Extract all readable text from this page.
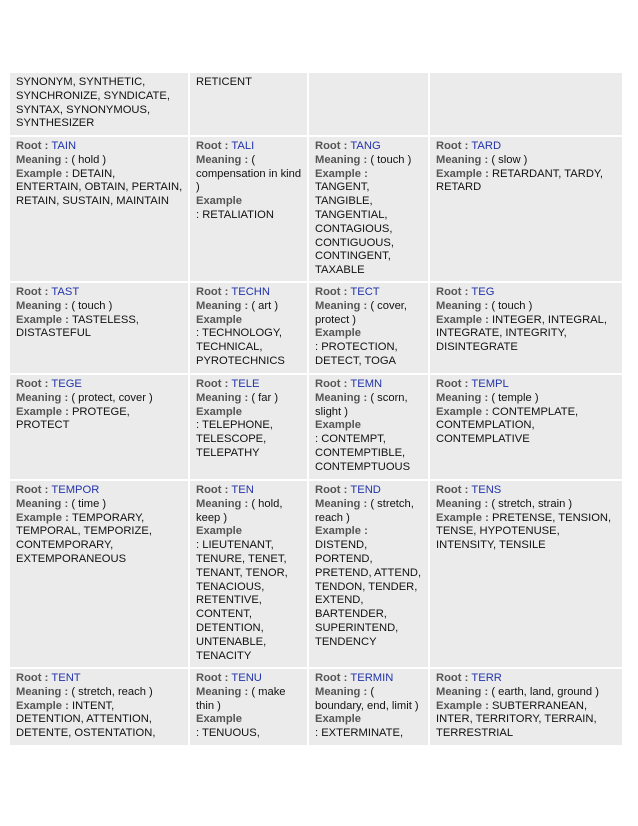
SYNONYM, SYNTHETIC, SYNCHRONIZE, SYNDICATE, SYNTAX, SYNONYMOUS, SYNTHESIZER	RETICENT		

Root : TAIN
Meaning : ( hold )
Example : DETAIN, ENTERTAIN, OBTAIN, PERTAIN, RETAIN, SUSTAIN, MAINTAIN	Root : TALI
Meaning : ( compensation in kind )
Example
: RETALIATION	Root : TANG
Meaning : ( touch )
Example : TANGENT, TANGIBLE, TANGENTIAL, CONTAGIOUS, CONTIGUOUS, CONTINGENT, TAXABLE	Root : TARD
Meaning : ( slow )
Example : RETARDANT, TARDY, RETARD

Root : TAST
Meaning : ( touch )
Example : TASTELESS, DISTASTEFUL	Root : TECHN
Meaning : ( art )
Example
: TECHNOLOGY, TECHNICAL, PYROTECHNICS	Root : TECT
Meaning : ( cover, protect )
Example
: PROTECTION, DETECT, TOGA	Root : TEG
Meaning : ( touch )
Example : INTEGER, INTEGRAL, INTEGRATE, INTEGRITY, DISINTEGRATE

Root : TEGE
Meaning : ( protect, cover )
Example : PROTEGE, PROTECT	Root : TELE
Meaning : ( far )
Example
: TELEPHONE, TELESCOPE, TELEPATHY	Root : TEMN
Meaning : ( scorn, slight )
Example
: CONTEMPT, CONTEMPTIBLE, CONTEMPTUOUS	Root : TEMPL
Meaning : ( temple )
Example : CONTEMPLATE, CONTEMPLATION, CONTEMPLATIVE

Root : TEMPOR
Meaning : ( time )
Example : TEMPORARY, TEMPORAL, TEMPORIZE, CONTEMPORARY, EXTEMPORANEOUS	Root : TEN
Meaning : ( hold, keep )
Example
: LIEUTENANT, TENURE, TENET, TENANT, TENOR, TENACIOUS, RETENTIVE, CONTENT, DETENTION, UNTENABLE, TENACITY	Root : TEND
Meaning : ( stretch, reach )
Example : DISTEND, PORTEND, PRETEND, ATTEND, TENDON, TENDER, EXTEND, BARTENDER, SUPERINTEND, TENDENCY	Root : TENS
Meaning : ( stretch, strain )
Example : PRETENSE, TENSION, TENSE, HYPOTENUSE, INTENSITY, TENSILE

Root : TENT
Meaning : ( stretch, reach )
Example : INTENT, DETENTION, ATTENTION, DETENTE, OSTENTATION,	Root : TENU
Meaning : ( make thin )
Example
: TENUOUS,	Root : TERMIN
Meaning : ( boundary, end, limit )
Example
: EXTERMINATE,	Root : TERR
Meaning : ( earth, land, ground )
Example : SUBTERRANEAN, INTER, TERRITORY, TERRAIN, TERRESTRIAL
